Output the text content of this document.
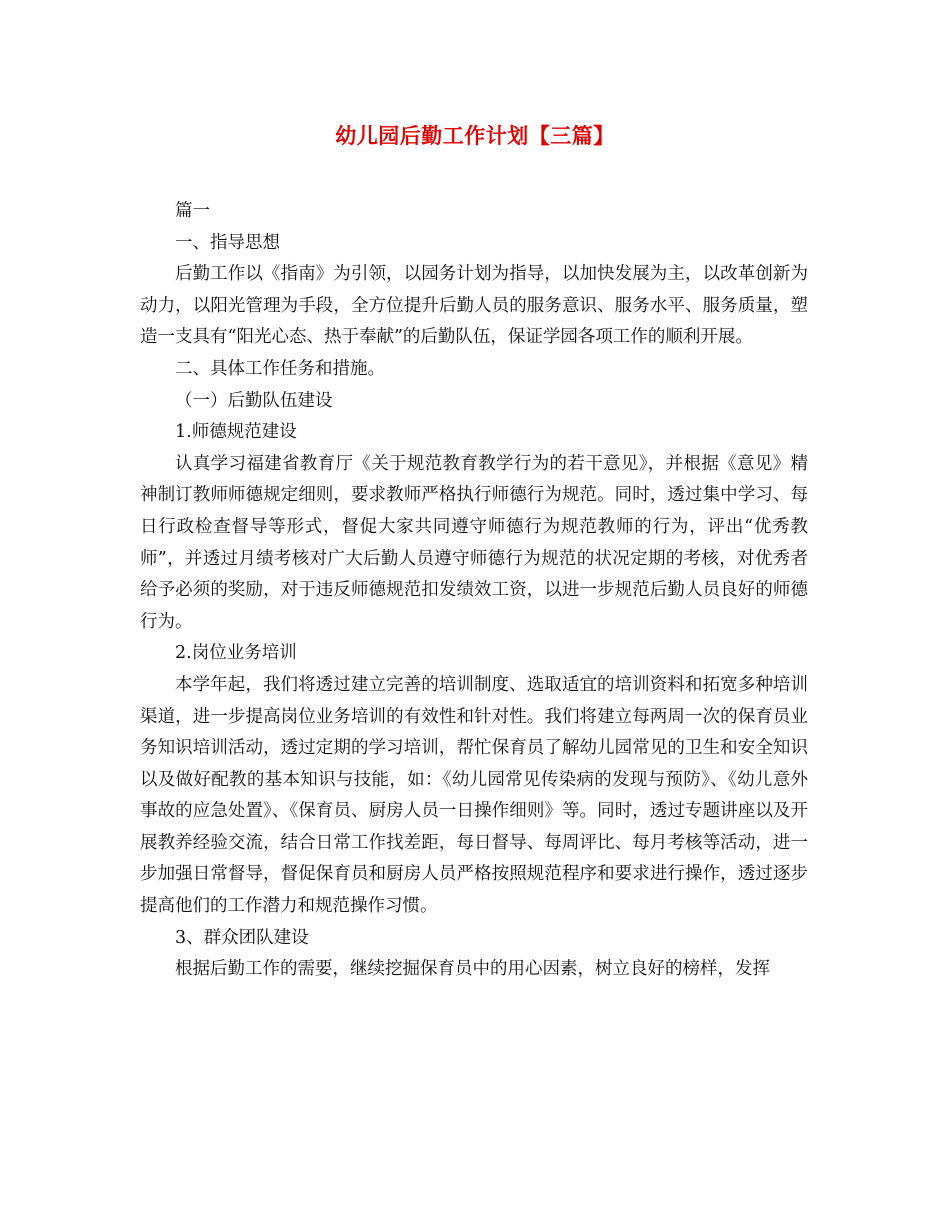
幼儿园后勤工作计划【三篇】

篇一

一、指导思想

后勤工作以《指南》为引领，以园务计划为指导，以加快发展为主，以改革创新为动力，以阳光管理为手段，全方位提升后勤人员的服务意识、服务水平、服务质量，塑造一支具有“阳光心态、热于奉献”的后勤队伍，保证学园各项工作的顺利开展。

二、具体工作任务和措施。

（一）后勤队伍建设

1.师德规范建设

认真学习福建省教育厅《关于规范教育教学行为的若干意见》，并根据《意见》精神制订教师师德规定细则，要求教师严格执行师德行为规范。同时，透过集中学习、每日行政检查督导等形式，督促大家共同遵守师德行为规范教师的行为，评出“优秀教师”，并透过月绩考核对广大后勤人员遵守师德行为规范的状况定期的考核，对优秀者给予必须的奖励，对于违反师德规范扣发绩效工资，以进一步规范后勤人员良好的师德行为。

2.岗位业务培训

本学年起，我们将透过建立完善的培训制度、选取适宜的培训资料和拓宽多种培训渠道，进一步提高岗位业务培训的有效性和针对性。我们将建立每两周一次的保育员业务知识培训活动，透过定期的学习培训，帮忙保育员了解幼儿园常见的卫生和安全知识以及做好配教的基本知识与技能，如：《幼儿园常见传染病的发现与预防》、《幼儿意外事故的应急处置》、《保育员、厨房人员一日操作细则》等。同时，透过专题讲座以及开展教养经验交流，结合日常工作找差距，每日督导、每周评比、每月考核等活动，进一步加强日常督导，督促保育员和厨房人员严格按照规范程序和要求进行操作，透过逐步提高他们的工作潜力和规范操作习惯。

3、群众团队建设

根据后勤工作的需要，继续挖掘保育员中的用心因素，树立良好的榜样，发挥
